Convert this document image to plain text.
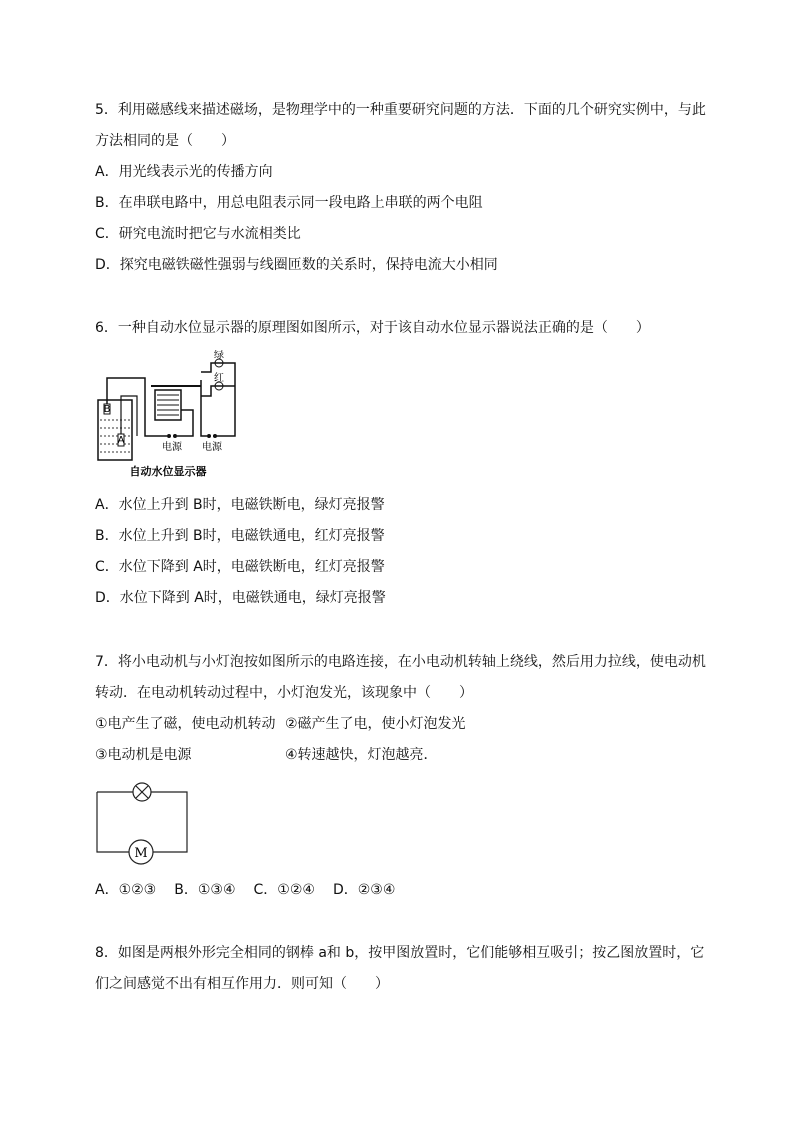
5．利用磁感线来描述磁场，是物理学中的一种重要研究问题的方法．下面的几个研究实例中，与此
方法相同的是（　　）
A．用光线表示光的传播方向
B．在串联电路中，用总电阻表示同一段电路上串联的两个电阻
C．研究电流时把它与水流相类比
D．探究电磁铁磁性强弱与线圈匝数的关系时，保持电流大小相同
6．一种自动水位显示器的原理图如图所示，对于该自动水位显示器说法正确的是（　　）
B
A
绿
红
电源 电源
自动水位显示器
A．水位上升到 B时，电磁铁断电，绿灯亮报警
B．水位上升到 B时，电磁铁通电，红灯亮报警
C．水位下降到 A时，电磁铁断电，红灯亮报警
D．水位下降到 A时，电磁铁通电，绿灯亮报警
7．将小电动机与小灯泡按如图所示的电路连接，在小电动机转轴上绕线，然后用力拉线，使电动机
转动．在电动机转动过程中，小灯泡发光，该现象中（　　）
①电产生了磁，使电动机转动 ②磁产生了电，使小灯泡发光
③电动机是电源	④转速越快，灯泡越亮．
M
A．①②③ B．①③④ C．①②④ D．②③④
8．如图是两根外形完全相同的钢棒 a和 b，按甲图放置时，它们能够相互吸引；按乙图放置时，它
们之间感觉不出有相互作用力．则可知（　　）
